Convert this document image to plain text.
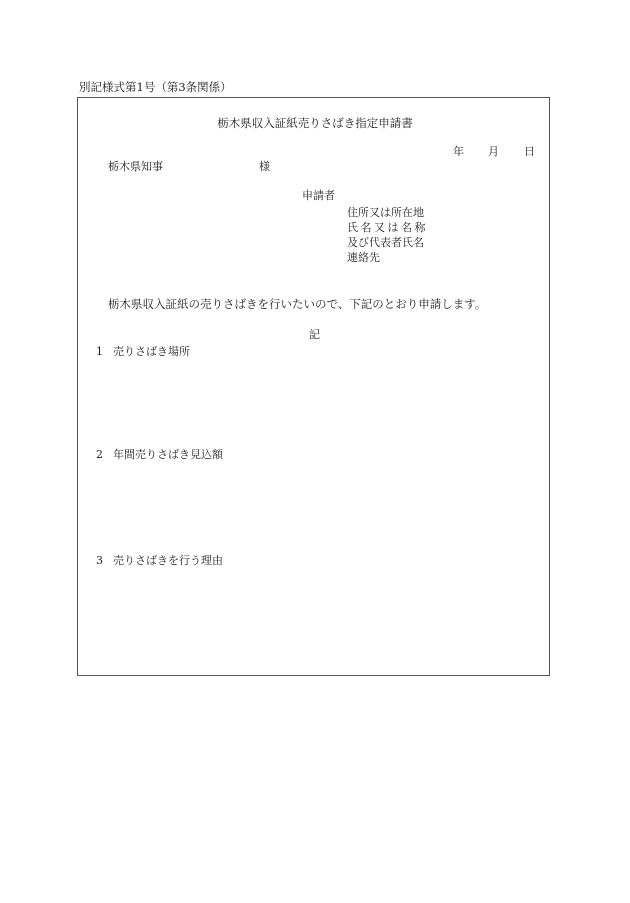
別記様式第1号（第3条関係）
栃木県収入証紙売りさばき指定申請書
年 月 日
栃木県知事	様
申請者
住所又は所在地
氏名又は名称
及び代表者氏名
連絡先
栃木県収入証紙の売りさばきを行いたいので、下記のとおり申請します。
記
1 売りさばき場所
2 年間売りさばき見込額
3 売りさばきを行う理由
